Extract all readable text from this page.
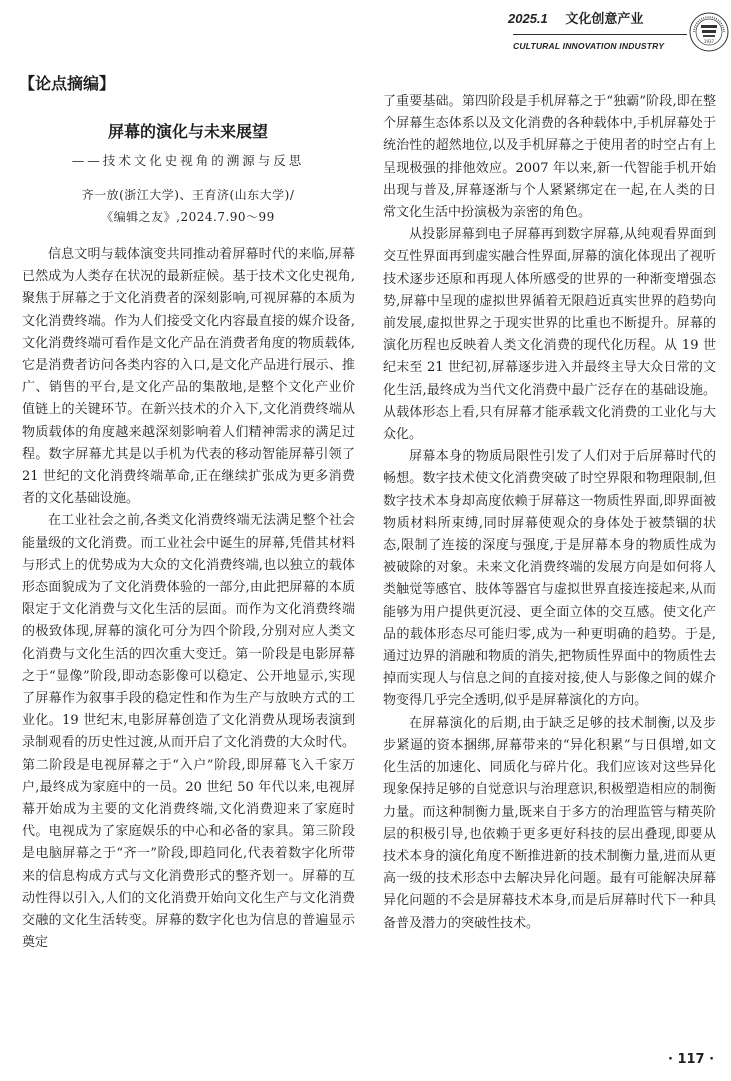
2025.1 文化创意产业
CULTURAL INNOVATION INDUSTRY	1937
【论点摘编】
屏幕的演化与未来展望
——技术文化史视角的溯源与反思
齐一放(浙江大学)、王育济(山东大学)/
《编辑之友》,2024.7.90～99

信息文明与载体演变共同推动着屏幕时代的来临,屏幕已然成为人类存在状况的最新症候。基于技术文化史视角,聚焦于屏幕之于文化消费者的深刻影响,可视屏幕的本质为文化消费终端。作为人们接受文化内容最直接的媒介设备,文化消费终端可看作是文化产品在消费者角度的物质载体,它是消费者访问各类内容的入口,是文化产品进行展示、推广、销售的平台,是文化产品的集散地,是整个文化产业价值链上的关键环节。在新兴技术的介入下,文化消费终端从物质载体的角度越来越深刻影响着人们精神需求的满足过程。数字屏幕尤其是以手机为代表的移动智能屏幕引领了 21 世纪的文化消费终端革命,正在继续扩张成为更多消费者的文化基础设施。

在工业社会之前,各类文化消费终端无法满足整个社会能量级的文化消费。而工业社会中诞生的屏幕,凭借其材料与形式上的优势成为大众的文化消费终端,也以独立的载体形态面貌成为了文化消费体验的一部分,由此把屏幕的本质限定于文化消费与文化生活的层面。而作为文化消费终端的极致体现,屏幕的演化可分为四个阶段,分别对应人类文化消费与文化生活的四次重大变迁。第一阶段是电影屏幕之于“显像”阶段,即动态影像可以稳定、公开地显示,实现了屏幕作为叙事手段的稳定性和作为生产与放映方式的工业化。19 世纪末,电影屏幕创造了文化消费从现场表演到录制观看的历史性过渡,从而开启了文化消费的大众时代。第二阶段是电视屏幕之于“入户”阶段,即屏幕飞入千家万户,最终成为家庭中的一员。20 世纪 50 年代以来,电视屏幕开始成为主要的文化消费终端,文化消费迎来了家庭时代。电视成为了家庭娱乐的中心和必备的家具。第三阶段是电脑屏幕之于“齐一”阶段,即趋同化,代表着数字化所带来的信息构成方式与文化消费形式的整齐划一。屏幕的互动性得以引入,人们的文化消费开始向文化生产与文化消费交融的文化生活转变。屏幕的数字化也为信息的普遍显示奠定

了重要基础。第四阶段是手机屏幕之于“独霸”阶段,即在整个屏幕生态体系以及文化消费的各种载体中,手机屏幕处于统治性的超然地位,以及手机屏幕之于使用者的时空占有上呈现极强的排他效应。2007 年以来,新一代智能手机开始出现与普及,屏幕逐渐与个人紧紧绑定在一起,在人类的日常文化生活中扮演极为亲密的角色。

从投影屏幕到电子屏幕再到数字屏幕,从纯观看界面到交互性界面再到虚实融合性界面,屏幕的演化体现出了视听技术逐步还原和再现人体所感受的世界的一种渐变增强态势,屏幕中呈现的虚拟世界循着无限趋近真实世界的趋势向前发展,虚拟世界之于现实世界的比重也不断提升。屏幕的演化历程也反映着人类文化消费的现代化历程。从 19 世纪末至 21 世纪初,屏幕逐步进入并最终主导大众日常的文化生活,最终成为当代文化消费中最广泛存在的基础设施。从载体形态上看,只有屏幕才能承载文化消费的工业化与大众化。

屏幕本身的物质局限性引发了人们对于后屏幕时代的畅想。数字技术使文化消费突破了时空界限和物理限制,但数字技术本身却高度依赖于屏幕这一物质性界面,即界面被物质材料所束缚,同时屏幕使观众的身体处于被禁锢的状态,限制了连接的深度与强度,于是屏幕本身的物质性成为被破除的对象。未来文化消费终端的发展方向是如何将人类触觉等感官、肢体等器官与虚拟世界直接连接起来,从而能够为用户提供更沉浸、更全面立体的交互感。使文化产品的载体形态尽可能归零,成为一种更明确的趋势。于是,通过边界的消融和物质的消失,把物质性界面中的物质性去掉而实现人与信息之间的直接对接,使人与影像之间的媒介物变得几乎完全透明,似乎是屏幕演化的方向。

在屏幕演化的后期,由于缺乏足够的技术制衡,以及步步紧逼的资本捆绑,屏幕带来的“异化积累”与日俱增,如文化生活的加速化、同质化与碎片化。我们应该对这些异化现象保持足够的自觉意识与治理意识,积极塑造相应的制衡力量。而这种制衡力量,既来自于多方的治理监管与精英阶层的积极引导,也依赖于更多更好科技的层出叠现,即要从技术本身的演化角度不断推进新的技术制衡力量,进而从更高一级的技术形态中去解决异化问题。最有可能解决屏幕异化问题的不会是屏幕技术本身,而是后屏幕时代下一种具备普及潜力的突破性技术。

· 117 ·
